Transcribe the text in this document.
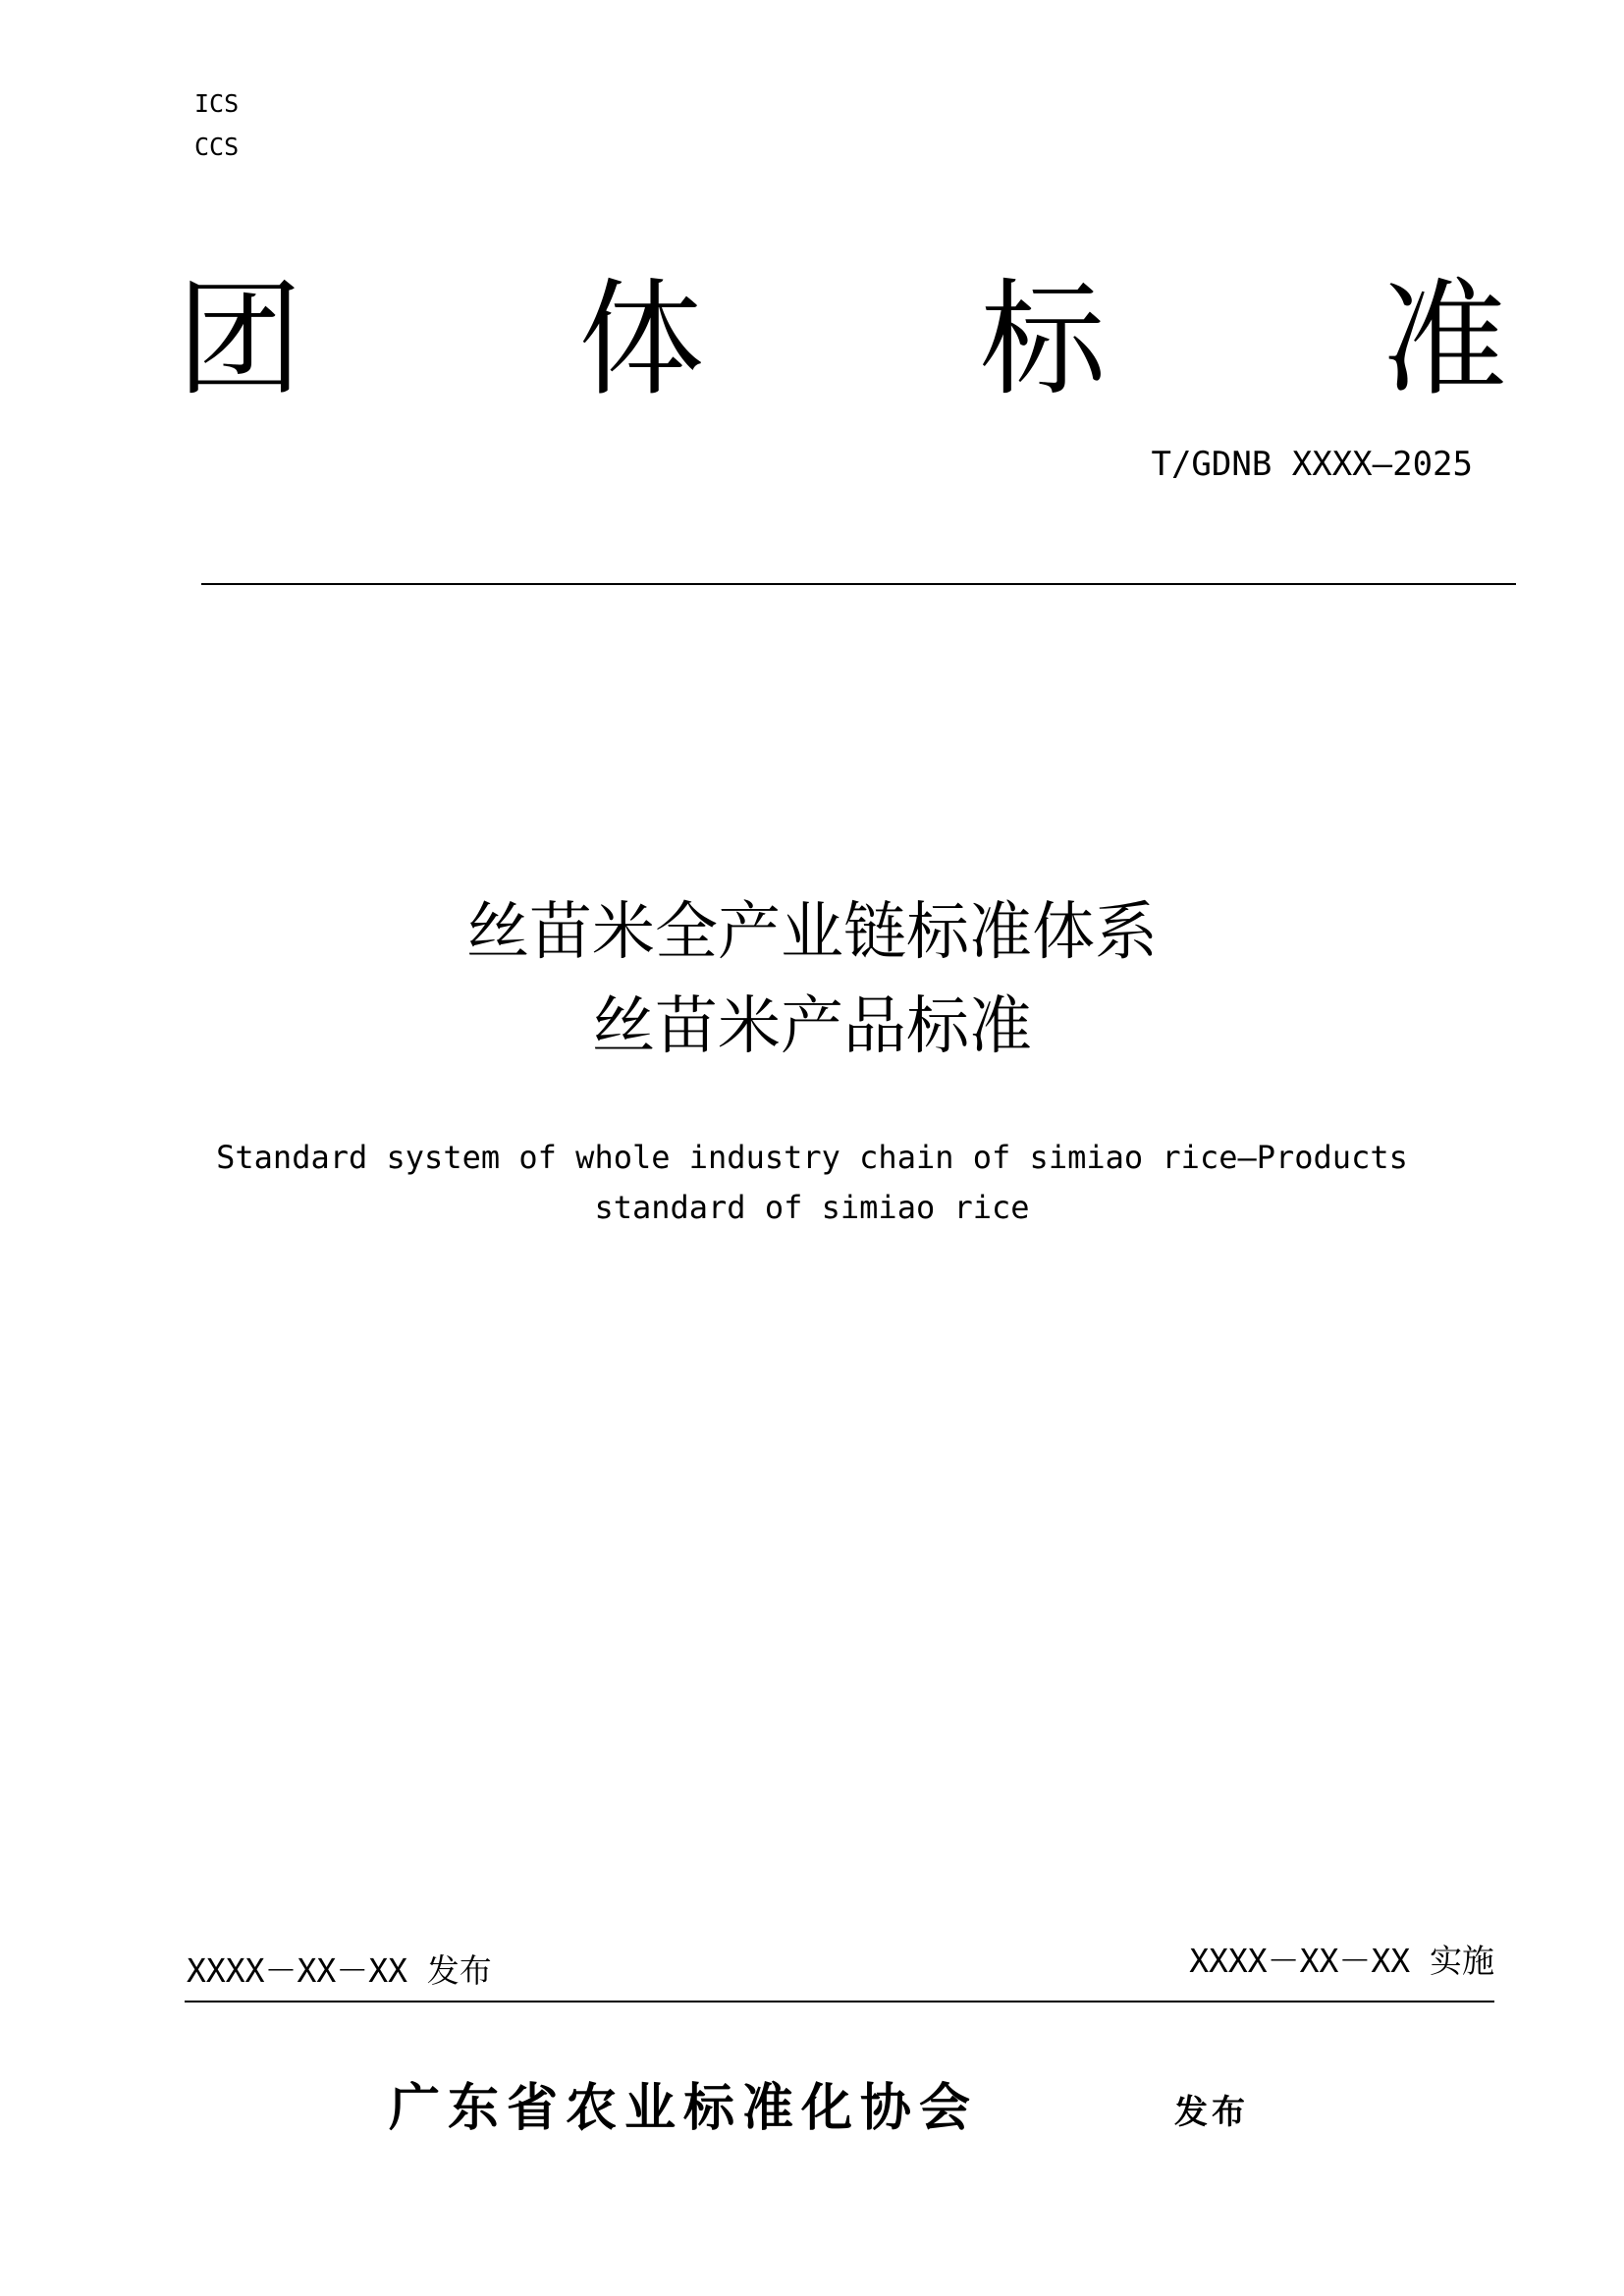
ICS
CCS
团 体 标 准
T/GDNB XXXX—2025
丝苗米全产业链标准体系
丝苗米产品标准
Standard system of whole industry chain of simiao rice—Products standard of simiao rice
XXXX－XX－XX 发布	XXXX－XX－XX 实施
广东省农业标准化协会	发布
